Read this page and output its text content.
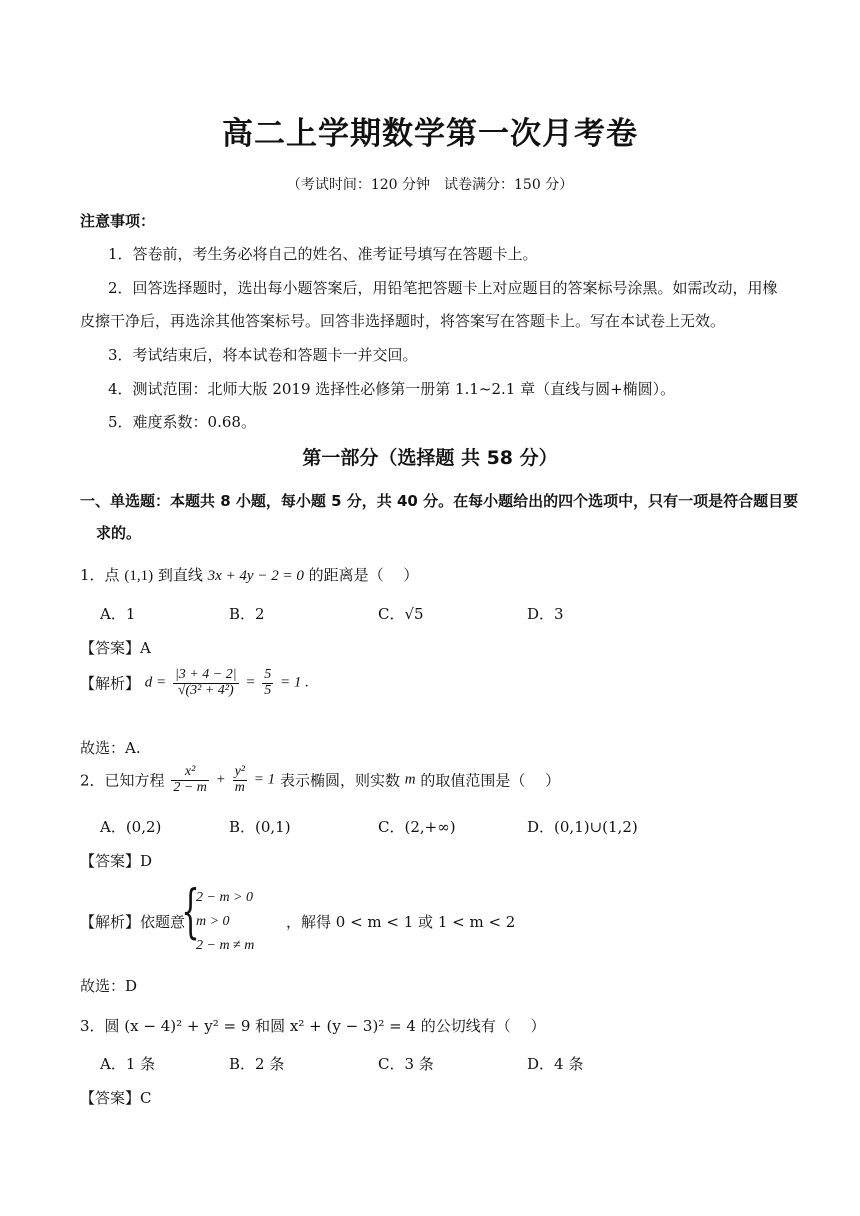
高二上学期数学第一次月考卷
（考试时间：120 分钟　试卷满分：150 分）
注意事项：
1．答卷前，考生务必将自己的姓名、准考证号填写在答题卡上。
2．回答选择题时，选出每小题答案后，用铅笔把答题卡上对应题目的答案标号涂黑。如需改动，用橡
皮擦干净后，再选涂其他答案标号。回答非选择题时，将答案写在答题卡上。写在本试卷上无效。
3．考试结束后，将本试卷和答题卡一并交回。
4．测试范围：北师大版 2019 选择性必修第一册第 1.1~2.1 章（直线与圆+椭圆）。
5．难度系数：0.68。
第一部分（选择题 共 58 分）
一、单选题：本题共 8 小题，每小题 5 分，共 40 分。在每小题给出的四个选项中，只有一项是符合题目要
求的。
1．点 (1,1) 到直线 3x + 4y − 2 = 0 的距离是（　 ）
A．1	B．2	C．√5	D．3
【答案】A
【解析】 $d = \frac{|3 + 4 - 2|}{\text{√(3² + 4²)}} = \frac{5}{5} = 1$ .
故选：A.
2．已知方程 $\frac{\text{x²}}{2 - m} + \frac{\text{y²}}{m} = 1$ 表示椭圆，则实数 m 的取值范围是（　 ）
A．(0,2)	B．(0,1)	C．(2,+∞)	D．(0,1)∪(1,2)
【答案】D
【解析】依题意
{
2 − m > 0
m > 0
2 − m ≠ m
，解得 0 < m < 1 或 1 < m < 2
故选：D
3．圆 (x − 4)² + y² = 9 和圆 x² + (y − 3)² = 4 的公切线有（　 ）
A．1 条	B．2 条	C．3 条	D．4 条
【答案】C
